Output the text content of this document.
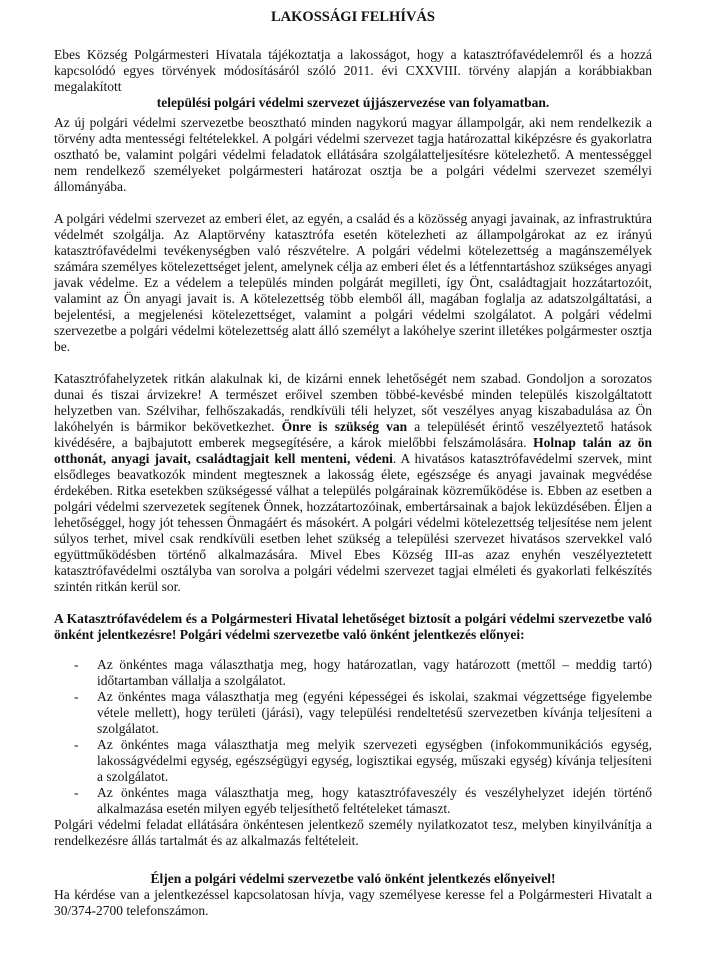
LAKOSSÁGI FELHÍVÁS

Ebes Község Polgármesteri Hivatala tájékoztatja a lakosságot, hogy a katasztrófavédelemről és a hozzá kapcsolódó egyes törvények módosításáról szóló 2011. évi CXXVIII. törvény alapján a korábbiakban megalakított

települési polgári védelmi szervezet újjászervezése van folyamatban.

Az új polgári védelmi szervezetbe beosztható minden nagykorú magyar állampolgár, aki nem rendelkezik a törvény adta mentességi feltételekkel. A polgári védelmi szervezet tagja határozattal kiképzésre és gyakorlatra osztható be, valamint polgári védelmi feladatok ellátására szolgálatteljesítésre kötelezhető. A mentességgel nem rendelkező személyeket polgármesteri határozat osztja be a polgári védelmi szervezet személyi állományába.

A polgári védelmi szervezet az emberi élet, az egyén, a család és a közösség anyagi javainak, az infrastruktúra védelmét szolgálja. Az Alaptörvény katasztrófa esetén kötelezheti az állampolgárokat az ez irányú katasztrófavédelmi tevékenységben való részvételre. A polgári védelmi kötelezettség a magánszemélyek számára személyes kötelezettséget jelent, amelynek célja az emberi élet és a létfenntartáshoz szükséges anyagi javak védelme. Ez a védelem a település minden polgárát megilleti, így Önt, családtagjait hozzátartozóit, valamint az Ön anyagi javait is. A kötelezettség több elemből áll, magában foglalja az adatszolgáltatási, a bejelentési, a megjelenési kötelezettséget, valamint a polgári védelmi szolgálatot. A polgári védelmi szervezetbe a polgári védelmi kötelezettség alatt álló személyt a lakóhelye szerint illetékes polgármester osztja be.

Katasztrófahelyzetek ritkán alakulnak ki, de kizárni ennek lehetőségét nem szabad. Gondoljon a sorozatos dunai és tiszai árvizekre! A természet erőivel szemben többé-kevésbé minden település kiszolgáltatott helyzetben van. Szélvihar, felhőszakadás, rendkívüli téli helyzet, sőt veszélyes anyag kiszabadulása az Ön lakóhelyén is bármikor bekövetkezhet. Önre is szükség van a települését érintő veszélyeztető hatások kivédésére, a bajbajutott emberek megsegítésére, a károk mielőbbi felszámolására. Holnap talán az ön otthonát, anyagi javait, családtagjait kell menteni, védeni. A hivatásos katasztrófavédelmi szervek, mint elsődleges beavatkozók mindent megtesznek a lakosság élete, egészsége és anyagi javainak megvédése érdekében. Ritka esetekben szükségessé válhat a település polgárainak közreműködése is. Ebben az esetben a polgári védelmi szervezetek segítenek Önnek, hozzátartozóinak, embertársainak a bajok leküzdésében. Éljen a lehetőséggel, hogy jót tehessen Önmagáért és másokért. A polgári védelmi kötelezettség teljesítése nem jelent súlyos terhet, mivel csak rendkívüli esetben lehet szükség a települési szervezet hivatásos szervekkel való együttműködésben történő alkalmazására. Mivel Ebes Község III-as azaz enyhén veszélyeztetett katasztrófavédelmi osztályba van sorolva a polgári védelmi szervezet tagjai elméleti és gyakorlati felkészítés szintén ritkán kerül sor.

A Katasztrófavédelem és a Polgármesteri Hivatal lehetőséget biztosít a polgári védelmi szervezetbe való önként jelentkezésre! Polgári védelmi szervezetbe való önként jelentkezés előnyei:

- Az önkéntes maga választhatja meg, hogy határozatlan, vagy határozott (mettől – meddig tartó) időtartamban vállalja a szolgálatot.
- Az önkéntes maga választhatja meg (egyéni képességei és iskolai, szakmai végzettsége figyelembe vétele mellett), hogy területi (járási), vagy települési rendeltetésű szervezetben kívánja teljesíteni a szolgálatot.
- Az önkéntes maga választhatja meg melyik szervezeti egységben (infokommunikációs egység, lakosságvédelmi egység, egészségügyi egység, logisztikai egység, műszaki egység) kívánja teljesíteni a szolgálatot.
- Az önkéntes maga választhatja meg, hogy katasztrófaveszély és veszélyhelyzet idején történő alkalmazása esetén milyen egyéb teljesíthető feltételeket támaszt.

Polgári védelmi feladat ellátására önkéntesen jelentkező személy nyilatkozatot tesz, melyben kinyilvánítja a rendelkezésre állás tartalmát és az alkalmazás feltételeit.

Éljen a polgári védelmi szervezetbe való önként jelentkezés előnyeivel!

Ha kérdése van a jelentkezéssel kapcsolatosan hívja, vagy személyese keresse fel a Polgármesteri Hivatalt a 30/374-2700 telefonszámon.
